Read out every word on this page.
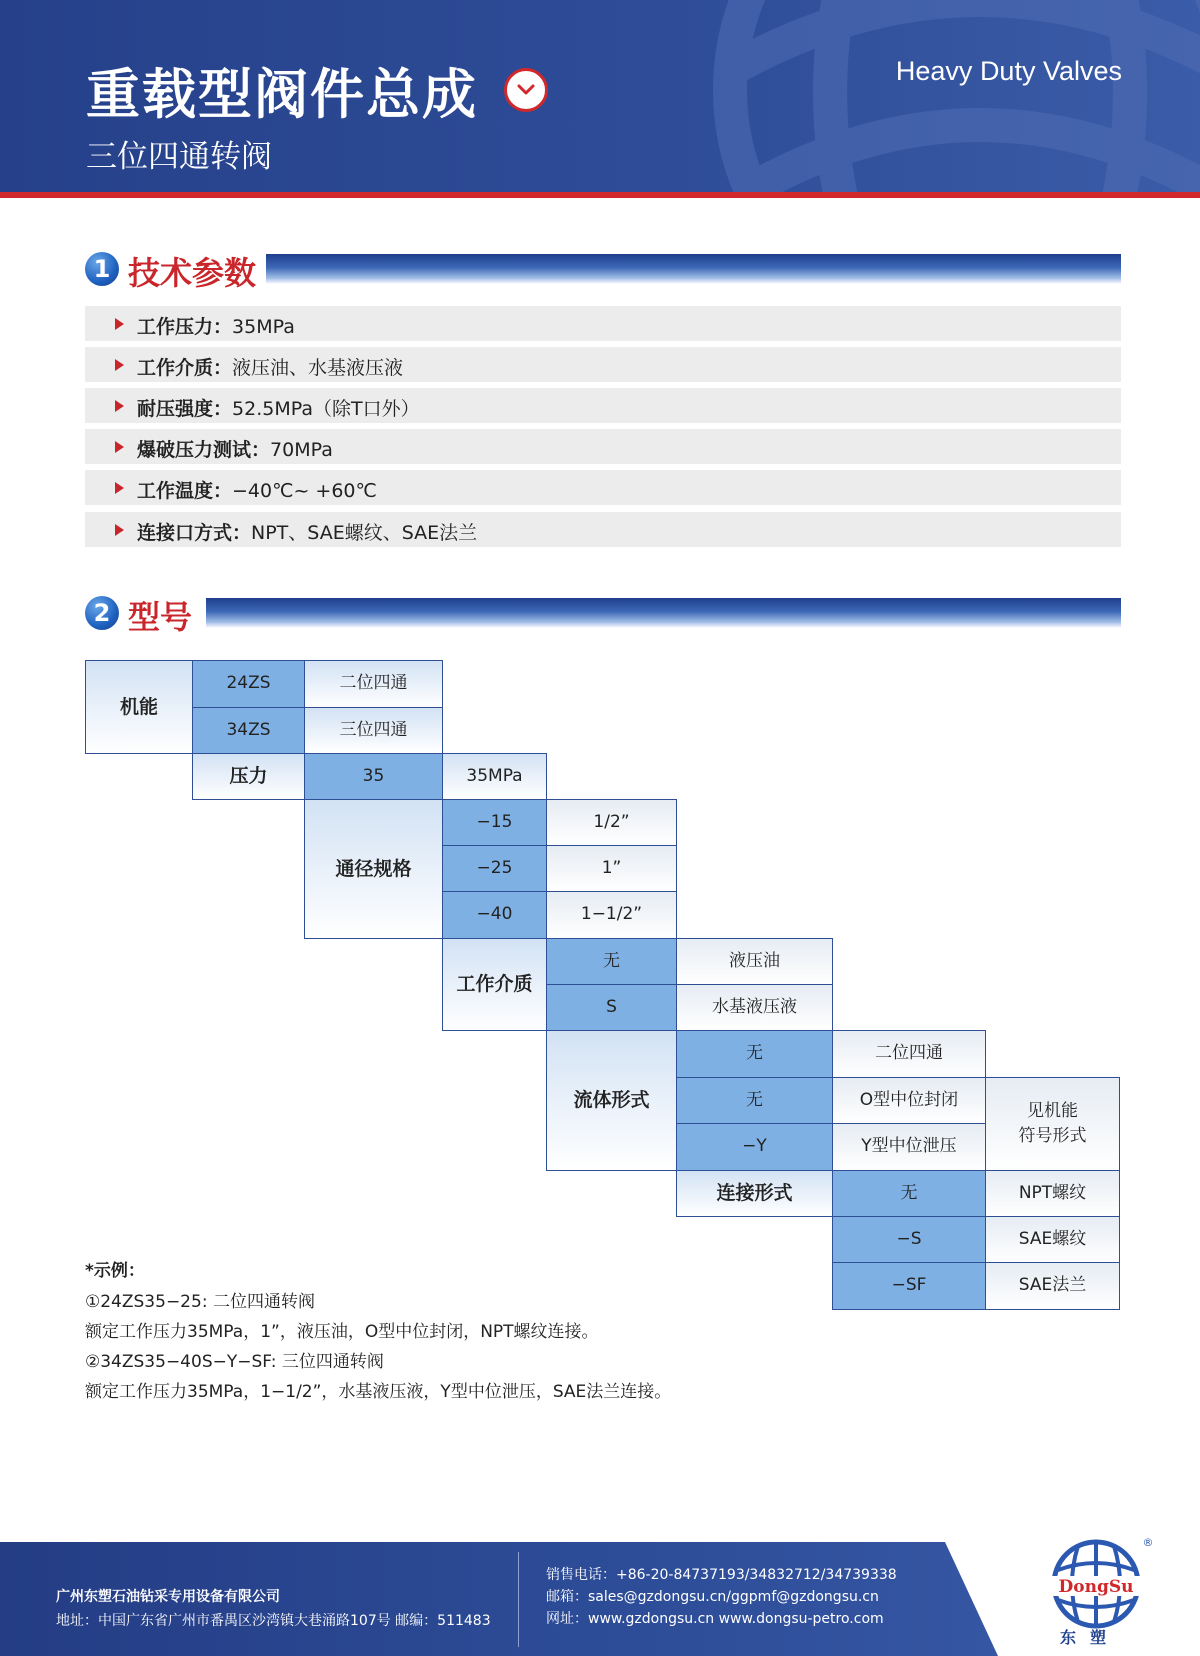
重载型阀件总成
三位四通转阀
Heavy Duty Valves
1 技术参数
工作压力：35MPa
工作介质：液压油、水基液压液
耐压强度：52.5MPa（除T口外）
爆破压力测试：70MPa
工作温度：−40℃~ +60℃
连接口方式：NPT、SAE螺纹、SAE法兰
2 型号
机能
24ZS	二位四通
34ZS	三位四通
压力	35	35MPa
通径规格
−15	1/2”
−25	1”
−40	1−1/2”
工作介质
无	液压油
S	水基液压液
流体形式
无	二位四通
无	O型中位封闭
−Y	Y型中位泄压
见机能
符号形式
连接形式	无	NPT螺纹
−S	SAE螺纹
−SF	SAE法兰
*示例：
①24ZS35−25: 二位四通转阀
额定工作压力35MPa，1”，液压油，O型中位封闭，NPT螺纹连接。
②34ZS35−40S−Y−SF: 三位四通转阀
额定工作压力35MPa，1−1/2”，水基液压液，Y型中位泄压，SAE法兰连接。
广州东塑石油钻采专用设备有限公司
地址：中国广东省广州市番禺区沙湾镇大巷涌路107号 邮编：511483
销售电话：+86-20-84737193/34832712/34739338
邮箱：sales@gzdongsu.cn/ggpmf@gzdongsu.cn
网址：www.gzdongsu.cn www.dongsu-petro.com
DongSu
®
东塑
